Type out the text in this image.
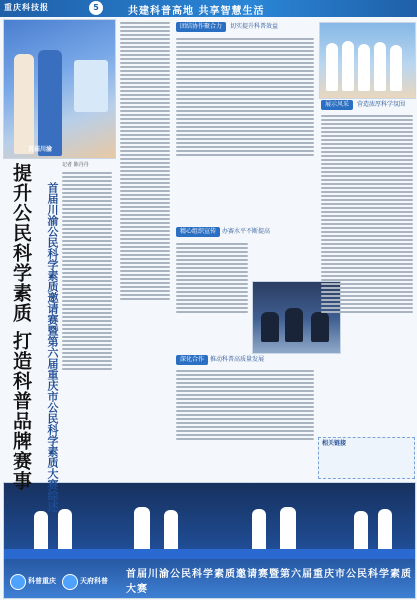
重庆科技报	5	共建科普高地 共享智慧生活
首届川渝
科普重庆	天府科普
首届川渝公民科学素质邀请赛暨第六届重庆市公民科学素质大赛
提升公民科学素质 打造科普品牌赛事	首届川渝公民科学素质邀请赛暨第六届重庆市公民科学素质大赛综述
记者 陈丹丹
团结协作聚合力	切实提升科普效益
精心组织宣传 办赛水平不断提高
深化合作 推动科普高质量发展
展示风采	营造浓厚科学氛围
相关链接
